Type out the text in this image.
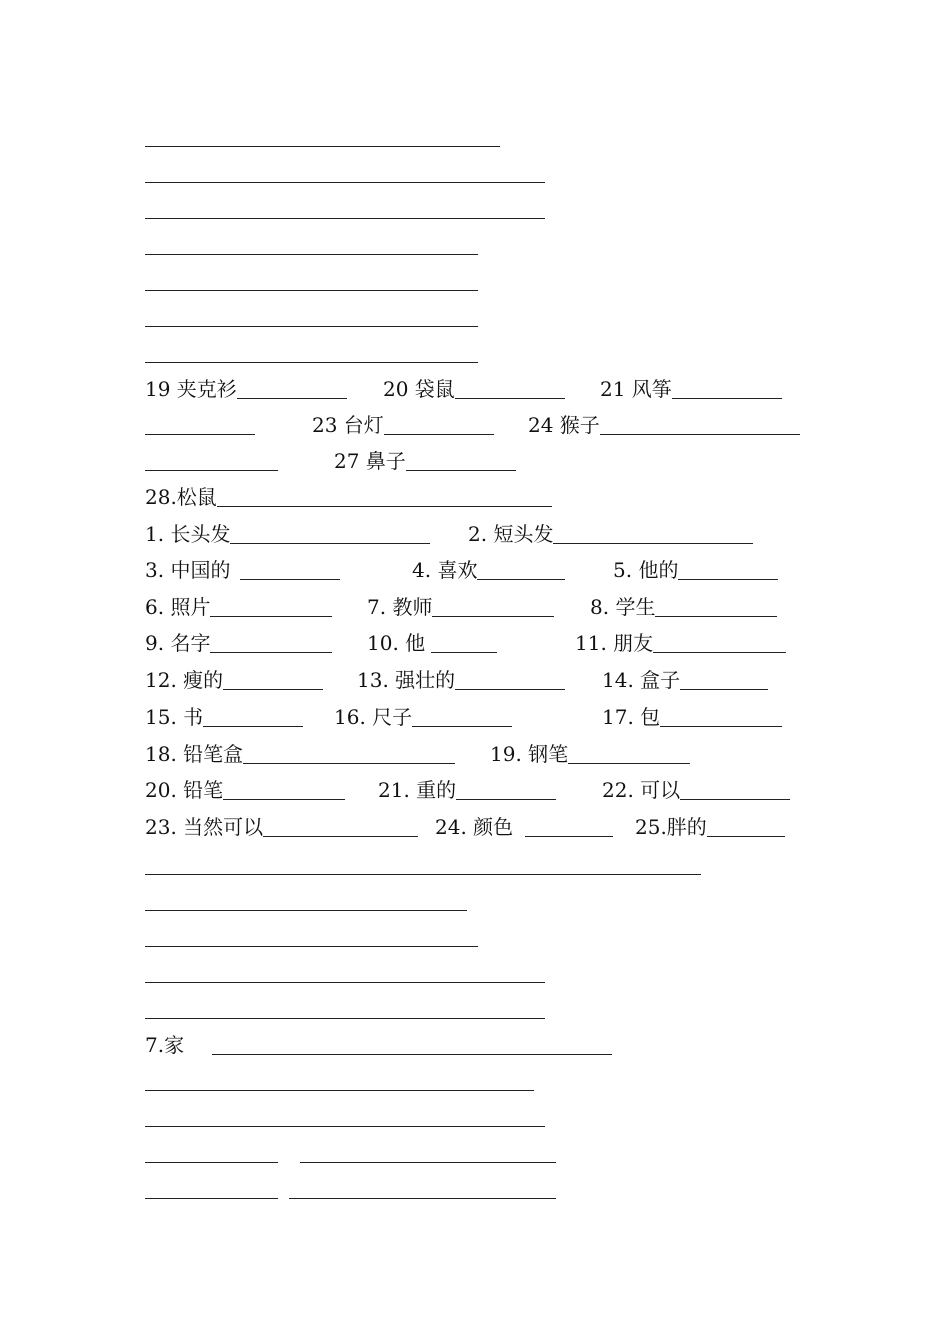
19 夹克衫	20 袋鼠	21 风筝
23 台灯	24 猴子
27 鼻子
28.松鼠
1. 长头发	2. 短头发
3. 中国的	4. 喜欢	5. 他的
6. 照片	7. 教师	8. 学生
9. 名字	10. 他	11. 朋友
12. 瘦的	13. 强壮的	14. 盒子
15. 书	16. 尺子	17. 包
18. 铅笔盒	19. 钢笔
20. 铅笔	21. 重的	22. 可以
23. 当然可以	24. 颜色	25.胖的
7.家
